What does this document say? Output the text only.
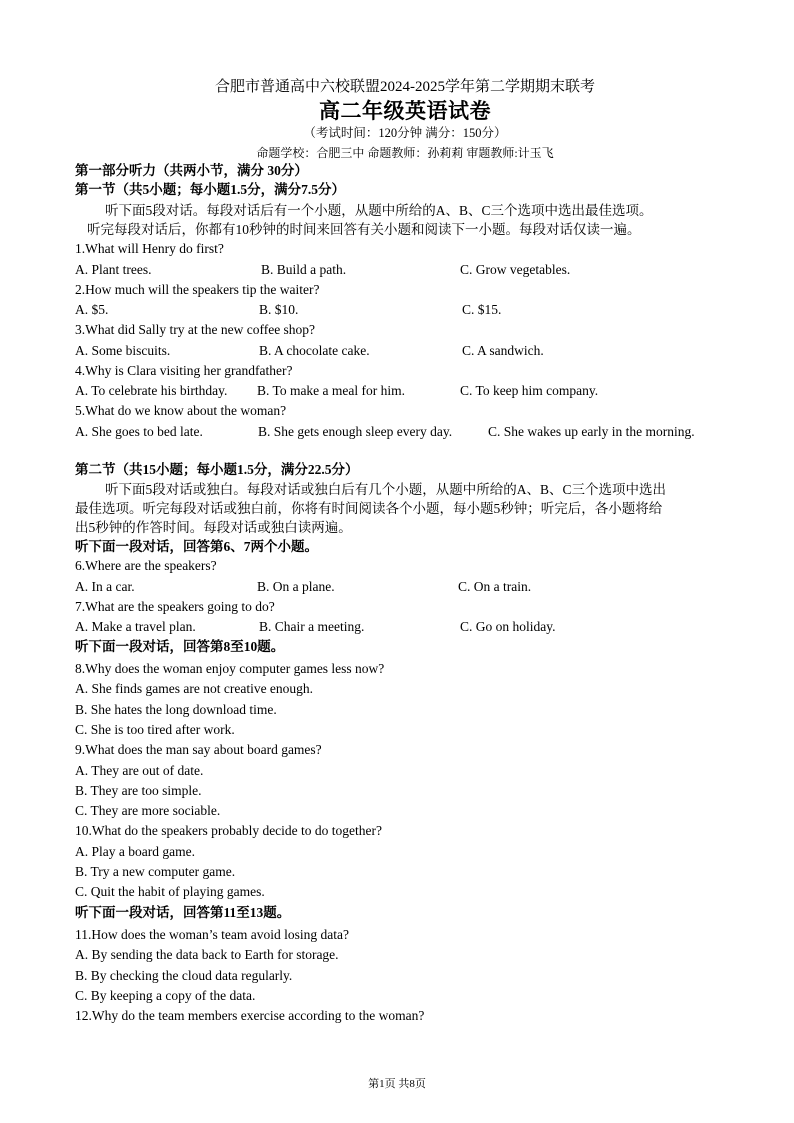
合肥市普通高中六校联盟2024-2025学年第二学期期末联考
高二年级英语试卷
（考试时间：120分钟 满分：150分）
命题学校：合肥三中 命题教师：孙莉莉 审题教师:计玉飞
第一部分听力（共两小节，满分 30分）
第一节（共5小题；每小题1.5分，满分7.5分）
听下面5段对话。每段对话后有一个小题，从题中所给的A、B、C三个选项中选出最佳选项。
听完每段对话后，你都有10秒钟的时间来回答有关小题和阅读下一小题。每段对话仅读一遍。
1.What will Henry do first?
A. Plant trees.	B. Build a path.	C. Grow vegetables.
2.How much will the speakers tip the waiter?
A. $5.	B. $10.	C. $15.
3.What did Sally try at the new coffee shop?
A. Some biscuits.	B. A chocolate cake.	C. A sandwich.
4.Why is Clara visiting her grandfather?
A. To celebrate his birthday. B. To make a meal for him.	C. To keep him company.
5.What do we know about the woman?
A. She goes to bed late.	B. She gets enough sleep every day.	C. She wakes up early in the morning.
第二节（共15小题；每小题1.5分，满分22.5分）
听下面5段对话或独白。每段对话或独白后有几个小题，从题中所给的A、B、C三个选项中选出
最佳选项。听完每段对话或独白前，你将有时间阅读各个小题，每小题5秒钟；听完后，各小题将给
出5秒钟的作答时间。每段对话或独白读两遍。
听下面一段对话，回答第6、7两个小题。
6.Where are the speakers?
A. In a car.	B. On a plane.	C. On a train.
7.What are the speakers going to do?
A. Make a travel plan.	B. Chair a meeting.	C. Go on holiday.
听下面一段对话，回答第8至10题。
8.Why does the woman enjoy computer games less now?
A. She finds games are not creative enough.
B. She hates the long download time.
C. She is too tired after work.
9.What does the man say about board games?
A. They are out of date.
B. They are too simple.
C. They are more sociable.
10.What do the speakers probably decide to do together?
A. Play a board game.
B. Try a new computer game.
C. Quit the habit of playing games.
听下面一段对话，回答第11至13题。
11.How does the woman’s team avoid losing data?
A. By sending the data back to Earth for storage.
B. By checking the cloud data regularly.
C. By keeping a copy of the data.
12.Why do the team members exercise according to the woman?
第1页 共8页
